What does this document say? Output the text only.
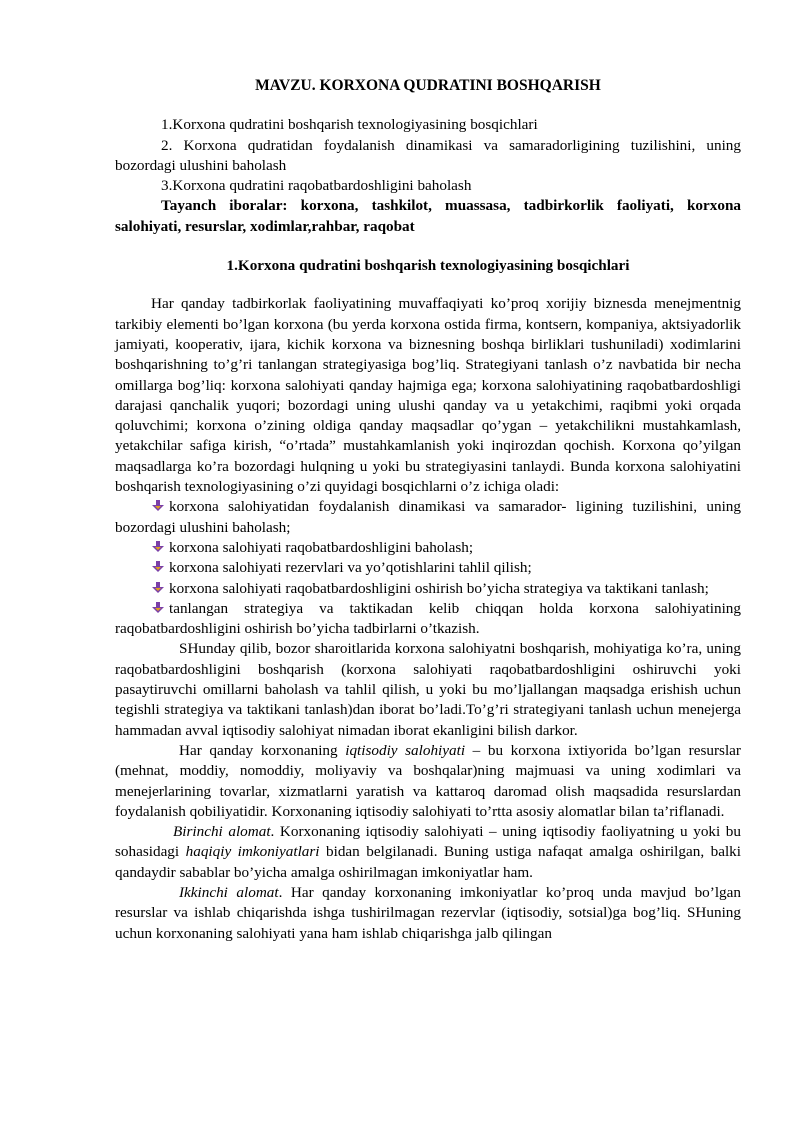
MAVZU. KORXONA QUDRATINI BOSHQARISH

1.Korxona qudratini boshqarish texnologiyasining bosqichlari

2. Korxona qudratidan foydalanish dinamikasi va samaradorligining tuzilishini, uning bozordagi ulushini baholash

3.Korxona qudratini raqobatbardoshligini baholash

Tayanch iboralar: korxona, tashkilot, muassasa, tadbirkorlik faoliyati, korxona salohiyati, resurslar, xodimlar,rahbar, raqobat

1.Korxona qudratini boshqarish texnologiyasining bosqichlari

Har qanday tadbirkorlak faoliyatining muvaffaqiyati ko’proq xorijiy biznesda menejmentnig tarkibiy elementi bo’lgan korxona (bu yerda korxona ostida firma, kontsern, kompaniya, aktsiyadorlik jamiyati, kooperativ, ijara, kichik korxona va biznesning boshqa birliklari tushuniladi) xodimlarini boshqarishning to’g’ri tanlangan strategiyasiga bog’liq. Strategiyani tanlash o’z navbatida bir necha omillarga bog’liq: korxona salohiyati qanday hajmiga ega; korxona salohiyatining raqobatbardoshligi darajasi qanchalik yuqori; bozordagi uning ulushi qanday va u yetakchimi, raqibmi yoki orqada qoluvchimi; korxona o’zining oldiga qanday maqsadlar qo’ygan – yetakchilikni mustahkamlash, yetakchilar safiga kirish, “o’rtada” mustahkamlanish yoki inqirozdan qochish. Korxona qo’yilgan maqsadlarga ko’ra bozordagi hulqning u yoki bu strategiyasini tanlaydi. Bunda korxona salohiyatini boshqarish texnologiyasining o’zi quyidagi bosqichlarni o’z ichiga oladi:

korxona salohiyatidan foydalanish dinamikasi va samarador- ligining tuzilishini, uning bozordagi ulushini baholash;

korxona salohiyati raqobatbardoshligini baholash;

korxona salohiyati rezervlari va yo’qotishlarini tahlil qilish;

korxona salohiyati raqobatbardoshligini oshirish bo’yicha strategiya va taktikani tanlash;

tanlangan strategiya va taktikadan kelib chiqqan holda korxona salohiyatining raqobatbardoshligini oshirish bo’yicha tadbirlarni o’tkazish.

SHunday qilib, bozor sharoitlarida korxona salohiyatni boshqarish, mohiyatiga ko’ra, uning raqobatbardoshligini boshqarish (korxona salohiyati raqobatbardoshligini oshiruvchi yoki pasaytiruvchi omillarni baholash va tahlil qilish, u yoki bu mo’ljallangan maqsadga erishish uchun tegishli strategiya va taktikani tanlash)dan iborat bo’ladi.To’g’ri strategiyani tanlash uchun menejerga hammadan avval iqtisodiy salohiyat nimadan iborat ekanligini bilish darkor.

Har qanday korxonaning iqtisodiy salohiyati – bu korxona ixtiyorida bo’lgan resurslar (mehnat, moddiy, nomoddiy, moliyaviy va boshqalar)ning majmuasi va uning xodimlari va menejerlarining tovarlar, xizmatlarni yaratish va kattaroq daromad olish maqsadida resurslardan foydalanish qobiliyatidir. Korxonaning iqtisodiy salohiyati to’rtta asosiy alomatlar bilan ta’riflanadi.

Birinchi alomat. Korxonaning iqtisodiy salohiyati – uning iqtisodiy faoliyatning u yoki bu sohasidagi haqiqiy imkoniyatlari bidan belgilanadi. Buning ustiga nafaqat amalga oshirilgan, balki qandaydir sabablar bo’yicha amalga oshirilmagan imkoniyatlar ham.

Ikkinchi alomat. Har qanday korxonaning imkoniyatlar ko’proq unda mavjud bo’lgan resurslar va ishlab chiqarishda ishga tushirilmagan rezervlar (iqtisodiy, sotsial)ga bog’liq. SHuning uchun korxonaning salohiyati yana ham ishlab chiqarishga jalb qilingan
